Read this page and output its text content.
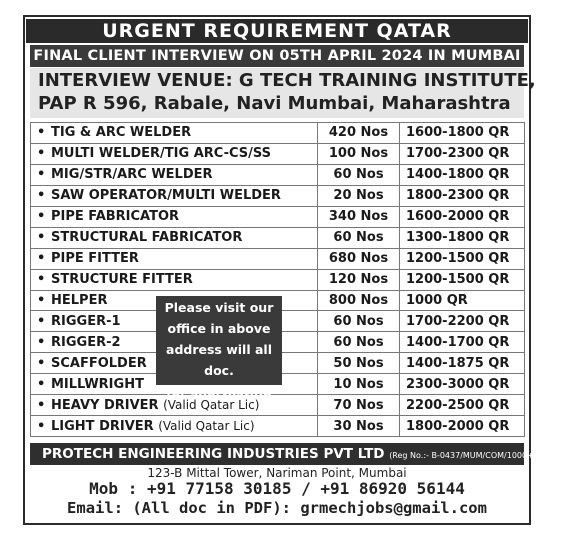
URGENT REQUIREMENT QATAR
FINAL CLIENT INTERVIEW ON 05TH APRIL 2024 IN MUMBAI
INTERVIEW VENUE: G TECH TRAINING INSTITUTE,
PAP R 596, Rabale, Navi Mumbai, Maharashtra
• TIG & ARC WELDER	420 Nos	1600-1800 QR
• MULTI WELDER/TIG ARC-CS/SS	100 Nos	1700-2300 QR
• MIG/STR/ARC WELDER	60 Nos	1400-1800 QR
• SAW OPERATOR/MULTI WELDER	20 Nos	1800-2300 QR
• PIPE FABRICATOR	340 Nos	1600-2000 QR
• STRUCTURAL FABRICATOR	60 Nos	1300-1800 QR
• PIPE FITTER	680 Nos	1200-1500 QR
• STRUCTURE FITTER	120 Nos	1200-1500 QR
• HELPER	800 Nos	1000 QR
• RIGGER-1	60 Nos	1700-2200 QR
• RIGGER-2	60 Nos	1400-1700 QR
• SCAFFOLDER	50 Nos	1400-1875 QR
• MILLWRIGHT	10 Nos	2300-3000 QR
• HEAVY DRIVER (Valid Qatar Lic)	70 Nos	2200-2500 QR
• LIGHT DRIVER (Valid Qatar Lic)	30 Nos	1800-2000 QR
Please visit our
office in above
address will all doc.
for shortlisting
PROTECH ENGINEERING INDUSTRIES PVT LTD (Reg No.:- B-0437/MUM/COM/1000+5/42/1984)
123-B Mittal Tower, Nariman Point, Mumbai
Mob : +91 77158 30185 / +91 86920 56144
Email: (All doc in PDF): grmechjobs@gmail.com
